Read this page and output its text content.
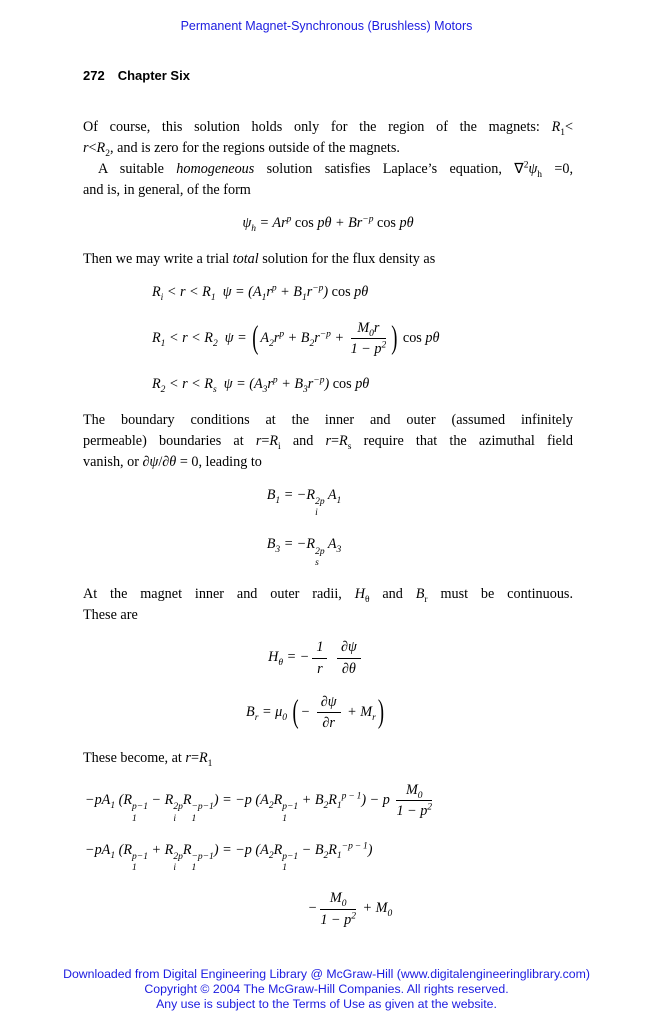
Permanent Magnet-Synchronous (Brushless) Motors
272 Chapter Six
Of course, this solution holds only for the region of the magnets: $R_1<$
$r<R_2$, and is zero for the regions outside of the magnets.
A suitable homogeneous solution satisfies Laplace’s equation, $\nabla^2\psi_h =0$,
and is, in general, of the form
$\psi_h = Ar^p$ $\cos p\theta + Br^{-p}$ cos pθ
Then we may write a trial total solution for the flux density as
$R_i < r < R_1$ $\psi = (A_1r^p + B_1r^{-p})$ cos pθ
$R_1 < r < R_2$ ψ = ( $A_2r^p + B_2r^{-p} + \frac{M_0r}{1 - p^2}$ ) cos pθ
$R_2 < r < R_s$ $\psi = (A_3r^p + B_3r^{-p})$ cos pθ
The boundary conditions at the inner and outer (assumed infinitely
permeable) boundaries at $r=R_i$ and $r=R_s$ require that the azimuthal field
vanish, or ∂ψ/∂θ = 0, leading to
$B_1 = -R$ 2p
i
$A_1$
$B_3 = -R$ 2p
s
$A_3$
At the magnet inner and outer radii, $H_\theta$ and $B_r$ must be continuous.
These are
$H_\theta$ = − $\frac{1}{r}$
$\frac{\partial\psi}{\partial\theta}$
$B_r = \mu_0$ ( − $\frac{\partial\psi}{\partial r} + M_r$ )
These become, at $r=R_1$
$-pA_1$ (R p−1
1
− R 2p
i
R −p−1
1
) = −p ($A_2R$ p−1
1
+ $B_2R_1^{p - 1}) - p \frac{M_0}{1 - p^2}$
$-pA_1$ (R p−1
1
+ R 2p
i
R −p−1
1
) = −p ($A_2R$ p−1
1
− $B_2R_1^{-p - 1}$)
− $\frac{M_0}{1 - p^2} + M_0$
Downloaded from Digital Engineering Library @ McGraw-Hill (www.digitalengineeringlibrary.com)
Copyright © 2004 The McGraw-Hill Companies. All rights reserved.
Any use is subject to the Terms of Use as given at the website.
